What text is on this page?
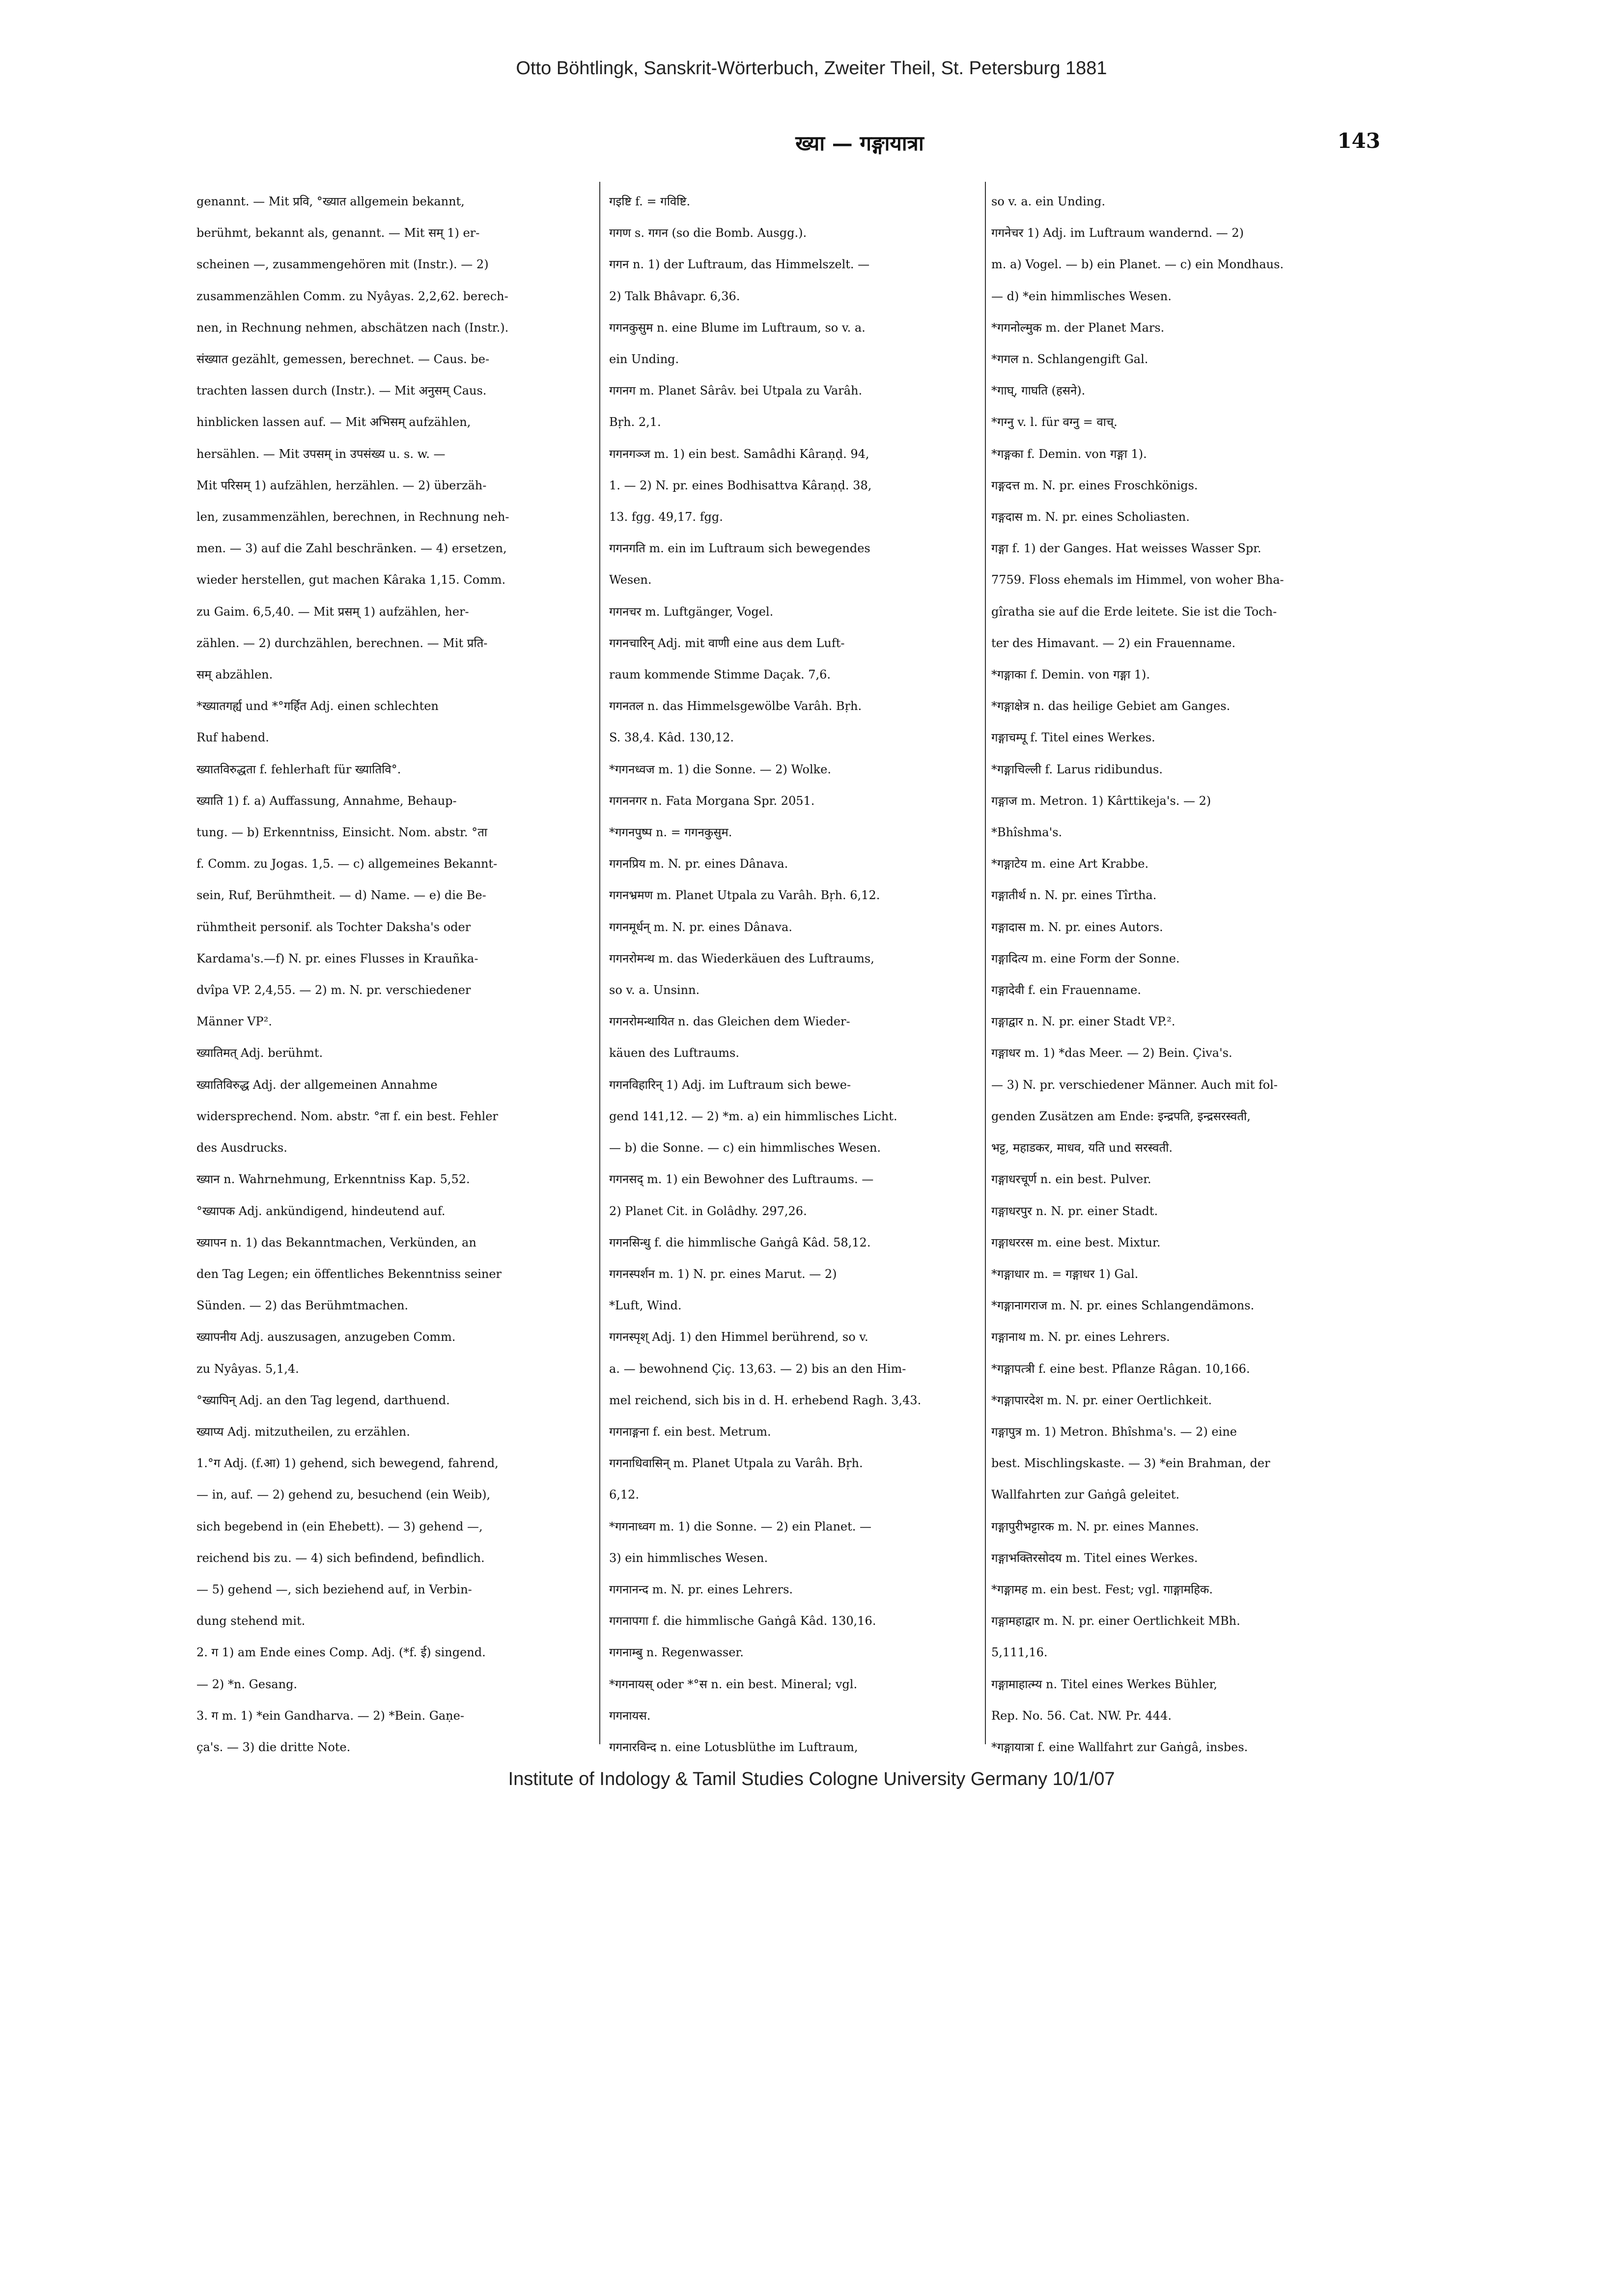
Otto Böhtlingk, Sanskrit-Wörterbuch, Zweiter Theil, St. Petersburg 1881
ख्या — गङ्गायात्रा	143

genannt. — Mit प्रवि, °ख्यात allgemein bekannt,

berühmt, bekannt als, genannt. — Mit सम् 1) er-

scheinen —, zusammengehören mit (Instr.). — 2)

zusammenzählen Comm. zu Nyâyas. 2,2,62. berech-

nen, in Rechnung nehmen, abschätzen nach (Instr.).

संख्यात gezählt, gemessen, berechnet. — Caus. be-

trachten lassen durch (Instr.). — Mit अनुसम् Caus.

hinblicken lassen auf. — Mit अभिसम् aufzählen,

hersählen. — Mit उपसम् in उपसंख्य u. s. w. —

Mit परिसम् 1) aufzählen, herzählen. — 2) überzäh-

len, zusammenzählen, berechnen, in Rechnung neh-

men. — 3) auf die Zahl beschränken. — 4) ersetzen,

wieder herstellen, gut machen Kâraka 1,15. Comm.

zu Gaim. 6,5,40. — Mit प्रसम् 1) aufzählen, her-

zählen. — 2) durchzählen, berechnen. — Mit प्रति-

सम् abzählen.

*ख्यातगर्ह्य und *°गर्हित Adj. einen schlechten

Ruf habend.

ख्यातविरुद्धता f. fehlerhaft für ख्यातिवि°.

ख्याति 1) f. a) Auffassung, Annahme, Behaup-

tung. — b) Erkenntniss, Einsicht. Nom. abstr. °ता

f. Comm. zu Jogas. 1,5. — c) allgemeines Bekannt-

sein, Ruf, Berühmtheit. — d) Name. — e) die Be-

rühmtheit personif. als Tochter Daksha's oder

Kardama's.—f) N. pr. eines Flusses in Krauñka-

dvîpa VP. 2,4,55. — 2) m. N. pr. verschiedener

Männer VP².

ख्यातिमत् Adj. berühmt.

ख्यातिविरुद्ध Adj. der allgemeinen Annahme

widersprechend. Nom. abstr. °ता f. ein best. Fehler

des Ausdrucks.

ख्यान n. Wahrnehmung, Erkenntniss Kap. 5,52.

°ख्यापक Adj. ankündigend, hindeutend auf.

ख्यापन n. 1) das Bekanntmachen, Verkünden, an

den Tag Legen; ein öffentliches Bekenntniss seiner

Sünden. — 2) das Berühmtmachen.

ख्यापनीय Adj. auszusagen, anzugeben Comm.

zu Nyâyas. 5,1,4.

°ख्यापिन् Adj. an den Tag legend, darthuend.

ख्याप्य Adj. mitzutheilen, zu erzählen.

1.°ग Adj. (f.आ) 1) gehend, sich bewegend, fahrend,

— in, auf. — 2) gehend zu, besuchend (ein Weib),

sich begebend in (ein Ehebett). — 3) gehend —,

reichend bis zu. — 4) sich befindend, befindlich.

— 5) gehend —, sich beziehend auf, in Verbin-

dung stehend mit.

2. ग 1) am Ende eines Comp. Adj. (*f. ई) singend.

— 2) *n. Gesang.

3. ग m. 1) *ein Gandharva. — 2) *Bein. Gaṇe-

ça's. — 3) die dritte Note.

गइष्टि f. = गविष्टि.

गगण s. गगन (so die Bomb. Ausgg.).

गगन n. 1) der Luftraum, das Himmelszelt. —

2) Talk Bhâvapr. 6,36.

गगनकुसुम n. eine Blume im Luftraum, so v. a.

ein Unding.

गगनग m. Planet Sârâv. bei Utpala zu Varâh.

Bṛh. 2,1.

गगनगञ्ज m. 1) ein best. Samâdhi Kâraṇḍ. 94,

1. — 2) N. pr. eines Bodhisattva Kâraṇḍ. 38,

13. fgg. 49,17. fgg.

गगनगति m. ein im Luftraum sich bewegendes

Wesen.

गगनचर m. Luftgänger, Vogel.

गगनचारिन् Adj. mit वाणी eine aus dem Luft-

raum kommende Stimme Daçak. 7,6.

गगनतल n. das Himmelsgewölbe Varâh. Bṛh.

S. 38,4. Kâd. 130,12.

*गगनध्वज m. 1) die Sonne. — 2) Wolke.

गगननगर n. Fata Morgana Spr. 2051.

*गगनपुष्प n. = गगनकुसुम.

गगनप्रिय m. N. pr. eines Dânava.

गगनभ्रमण m. Planet Utpala zu Varâh. Bṛh. 6,12.

गगनमूर्धन् m. N. pr. eines Dânava.

गगनरोमन्थ m. das Wiederkäuen des Luftraums,

so v. a. Unsinn.

गगनरोमन्थायित n. das Gleichen dem Wieder-

käuen des Luftraums.

गगनविहारिन् 1) Adj. im Luftraum sich bewe-

gend 141,12. — 2) *m. a) ein himmlisches Licht.

— b) die Sonne. — c) ein himmlisches Wesen.

गगनसद् m. 1) ein Bewohner des Luftraums. —

2) Planet Cit. in Golâdhy. 297,26.

गगनसिन्धु f. die himmlische Gaṅgâ Kâd. 58,12.

गगनस्पर्शन m. 1) N. pr. eines Marut. — 2)

*Luft, Wind.

गगनस्पृश् Adj. 1) den Himmel berührend, so v.

a. — bewohnend Çiç. 13,63. — 2) bis an den Him-

mel reichend, sich bis in d. H. erhebend Ragh. 3,43.

गगनाङ्गना f. ein best. Metrum.

गगनाधिवासिन् m. Planet Utpala zu Varâh. Bṛh.

6,12.

*गगनाध्वग m. 1) die Sonne. — 2) ein Planet. —

3) ein himmlisches Wesen.

गगनानन्द m. N. pr. eines Lehrers.

गगनापगा f. die himmlische Gaṅgâ Kâd. 130,16.

गगनाम्बु n. Regenwasser.

*गगनायस् oder *°स n. ein best. Mineral; vgl.

गगनायस.

गगनारविन्द n. eine Lotusblüthe im Luftraum,

so v. a. ein Unding.

गगनेचर 1) Adj. im Luftraum wandernd. — 2)

m. a) Vogel. — b) ein Planet. — c) ein Mondhaus.

— d) *ein himmlisches Wesen.

*गगनोल्मुक m. der Planet Mars.

*गगल n. Schlangengift Gal.

*गाघ्, गाघति (हसने).

*गग्नु v. l. für वग्नु = वाच्.

*गङ्गका f. Demin. von गङ्गा 1).

गङ्गदत्त m. N. pr. eines Froschkönigs.

गङ्गदास m. N. pr. eines Scholiasten.

गङ्गा f. 1) der Ganges. Hat weisses Wasser Spr.

7759. Floss ehemals im Himmel, von woher Bha-

gîratha sie auf die Erde leitete. Sie ist die Toch-

ter des Himavant. — 2) ein Frauenname.

*गङ्गाका f. Demin. von गङ्गा 1).

*गङ्गाक्षेत्र n. das heilige Gebiet am Ganges.

गङ्गाचम्पू f. Titel eines Werkes.

*गङ्गाचिल्ली f. Larus ridibundus.

गङ्गाज m. Metron. 1) Kârttikeja's. — 2)

*Bhîshma's.

*गङ्गाटेय m. eine Art Krabbe.

गङ्गातीर्थ n. N. pr. eines Tîrtha.

गङ्गादास m. N. pr. eines Autors.

गङ्गादित्य m. eine Form der Sonne.

गङ्गादेवी f. ein Frauenname.

गङ्गाद्वार n. N. pr. einer Stadt VP.².

गङ्गाधर m. 1) *das Meer. — 2) Bein. Çiva's.

— 3) N. pr. verschiedener Männer. Auch mit fol-

genden Zusätzen am Ende: इन्द्रपति, इन्द्रसरस्वती,

भट्ट, महाडकर, माधव, यति und सरस्वती.

गङ्गाधरचूर्ण n. ein best. Pulver.

गङ्गाधरपुर n. N. pr. einer Stadt.

गङ्गाधररस m. eine best. Mixtur.

*गङ्गाधार m. = गङ्गाधर 1) Gal.

*गङ्गानागराज m. N. pr. eines Schlangendämons.

गङ्गानाथ m. N. pr. eines Lehrers.

*गङ्गापत्त्री f. eine best. Pflanze Râgan. 10,166.

*गङ्गापारदेश m. N. pr. einer Oertlichkeit.

गङ्गापुत्र m. 1) Metron. Bhîshma's. — 2) eine

best. Mischlingskaste. — 3) *ein Brahman, der

Wallfahrten zur Gaṅgâ geleitet.

गङ्गापुरीभट्टारक m. N. pr. eines Mannes.

गङ्गाभक्तिरसोदय m. Titel eines Werkes.

*गङ्गामह m. ein best. Fest; vgl. गाङ्गामहिक.

गङ्गामहाद्वार m. N. pr. einer Oertlichkeit MBh.

5,111,16.

गङ्गामाहात्म्य n. Titel eines Werkes Bühler,

Rep. No. 56. Cat. NW. Pr. 444.

*गङ्गायात्रा f. eine Wallfahrt zur Gaṅgâ, insbes.

Institute of Indology & Tamil Studies Cologne University Germany 10/1/07
